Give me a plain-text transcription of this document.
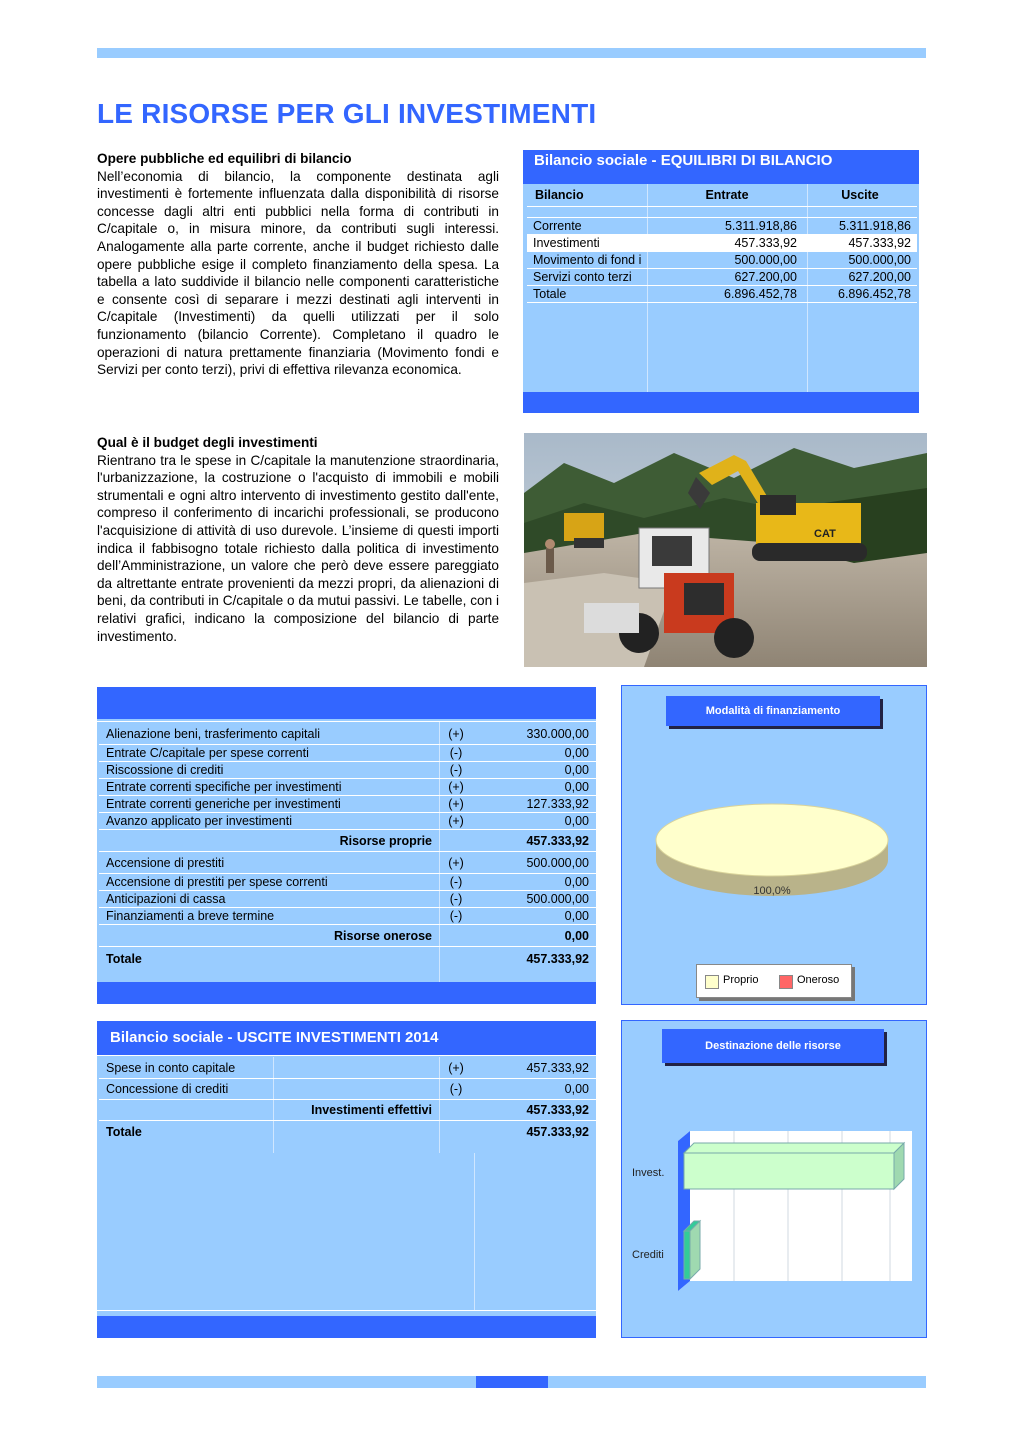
LE RISORSE PER GLI INVESTIMENTI
Opere pubbliche ed equilibri di bilancio
Nell’economia di bilancio, la componente destinata agli investimenti è fortemente influenzata dalla disponibilità di risorse concesse dagli altri enti pubblici nella forma di contributi in C/capitale o, in misura minore, da contributi sugli interessi. Analogamente alla parte corrente, anche il budget richiesto dalle opere pubbliche esige il completo finanziamento della spesa. La tabella a lato suddivide il bilancio nelle componenti caratteristiche e consente così di separare i mezzi destinati agli interventi in C/capitale (Investimenti) da quelli utilizzati per il solo funzionamento (bilancio Corrente). Completano il quadro le operazioni di natura prettamente finanziaria (Movimento fondi e Servizi per conto terzi), privi di effettiva rilevanza economica.
Bilancio sociale - EQUILIBRI DI BILANCIO
Bilancio	Entrate	Uscite

Corrente	5.311.918,86	5.311.918,86
Investimenti	457.333,92	457.333,92
Movimento di fond i	500.000,00	500.000,00
Servizi conto terzi	627.200,00	627.200,00
Totale	6.896.452,78	6.896.452,78
Qual è il budget degli investimenti
Rientrano tra le spese in C/capitale la manutenzione straordinaria, l'urbanizzazione, la costruzione o l'acquisto di immobili e mobili strumentali e ogni altro intervento di investimento gestito dall'ente, compreso il conferimento di incarichi professionali, se producono l'acquisizione di attività di uso durevole. L’insieme di questi importi indica il fabbisogno totale richiesto dalla politica di investimento dell’Amministrazione, un valore che però deve essere pareggiato da altrettante entrate provenienti da mezzi propri, da alienazioni di beni, da contributi in C/capitale o da mutui passivi. Le tabelle, con i relativi grafici, indicano la composizione del bilancio di parte investimento.
CAT
Alienazione beni, trasferimento capitali	(+)	330.000,00
Entrate C/capitale per spese correnti	(-)	0,00
Riscossione di crediti	(-)	0,00
Entrate correnti specifiche per investimenti	(+)	0,00
Entrate correnti generiche per investimenti	(+)	127.333,92
Avanzo applicato per investimenti	(+)	0,00
Risorse proprie		457.333,92
Accensione di prestiti	(+)	500.000,00
Accensione di prestiti per spese correnti	(-)	0,00
Anticipazioni di cassa	(-)	500.000,00
Finanziamenti a breve termine	(-)	0,00
Risorse onerose		0,00
Totale		457.333,92
Modalità di finanziamento
100,0%
Proprio	Oneroso
Bilancio sociale - USCITE INVESTIMENTI 2014
Spese in conto capitale	(+)	457.333,92
Concessione di crediti	(-)	0,00
Investimenti effettivi		457.333,92
Totale		457.333,92
Destinazione delle risorse
Invest.
Crediti
